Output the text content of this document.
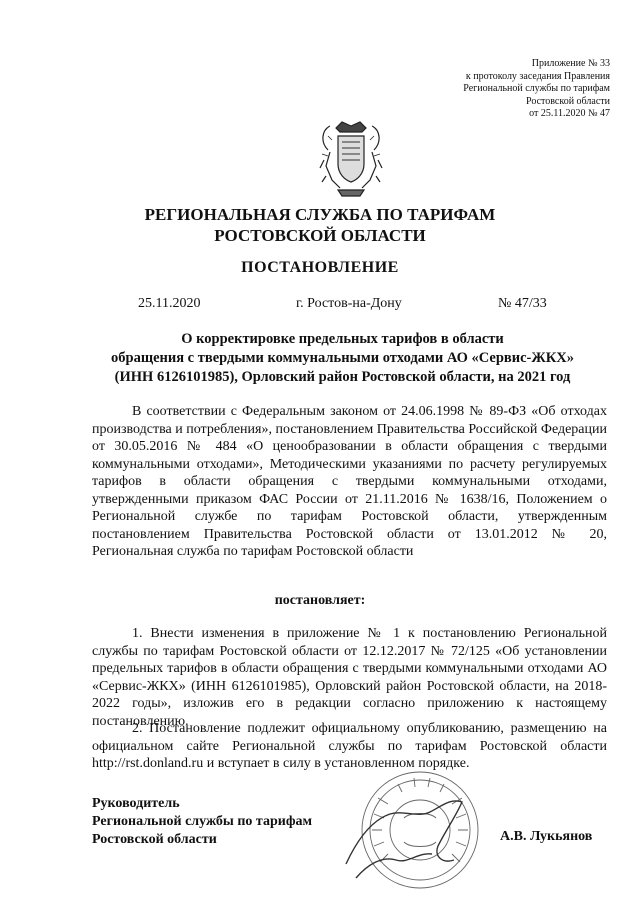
Приложение № 33
к протоколу заседания Правления
Региональной службы по тарифам
Ростовской области
от 25.11.2020 № 47
РЕГИОНАЛЬНАЯ СЛУЖБА ПО ТАРИФАМ
РОСТОВСКОЙ ОБЛАСТИ
ПОСТАНОВЛЕНИЕ
25.11.2020	г. Ростов-на-Дону	№ 47/33
О корректировке предельных тарифов в области
обращения с твердыми коммунальными отходами АО «Сервис-ЖКХ»
(ИНН 6126101985), Орловский район Ростовской области, на 2021 год
В соответствии с Федеральным законом от 24.06.1998 № 89-ФЗ «Об отходах производства и потребления», постановлением Правительства Российской Федерации от 30.05.2016 № 484 «О ценообразовании в области обращения с твердыми коммунальными отходами», Методическими указаниями по расчету регулируемых тарифов в области обращения с твердыми коммунальными отходами, утвержденными приказом ФАС России от 21.11.2016 № 1638/16, Положением о Региональной службе по тарифам Ростовской области, утвержденным постановлением Правительства Ростовской области от 13.01.2012 № 20, Региональная служба по тарифам Ростовской области
постановляет:
1. Внести изменения в приложение № 1 к постановлению Региональной службы по тарифам Ростовской области от 12.12.2017 № 72/125 «Об установлении предельных тарифов в области обращения с твердыми коммунальными отходами АО «Сервис-ЖКХ» (ИНН 6126101985), Орловский район Ростовской области, на 2018-2022 годы», изложив его в редакции согласно приложению к настоящему постановлению.
2. Постановление подлежит официальному опубликованию, размещению на официальном сайте Региональной службы по тарифам Ростовской области http://rst.donland.ru и вступает в силу в установленном порядке.
Руководитель
Региональной службы по тарифам
Ростовской области	А.В. Лукьянов
